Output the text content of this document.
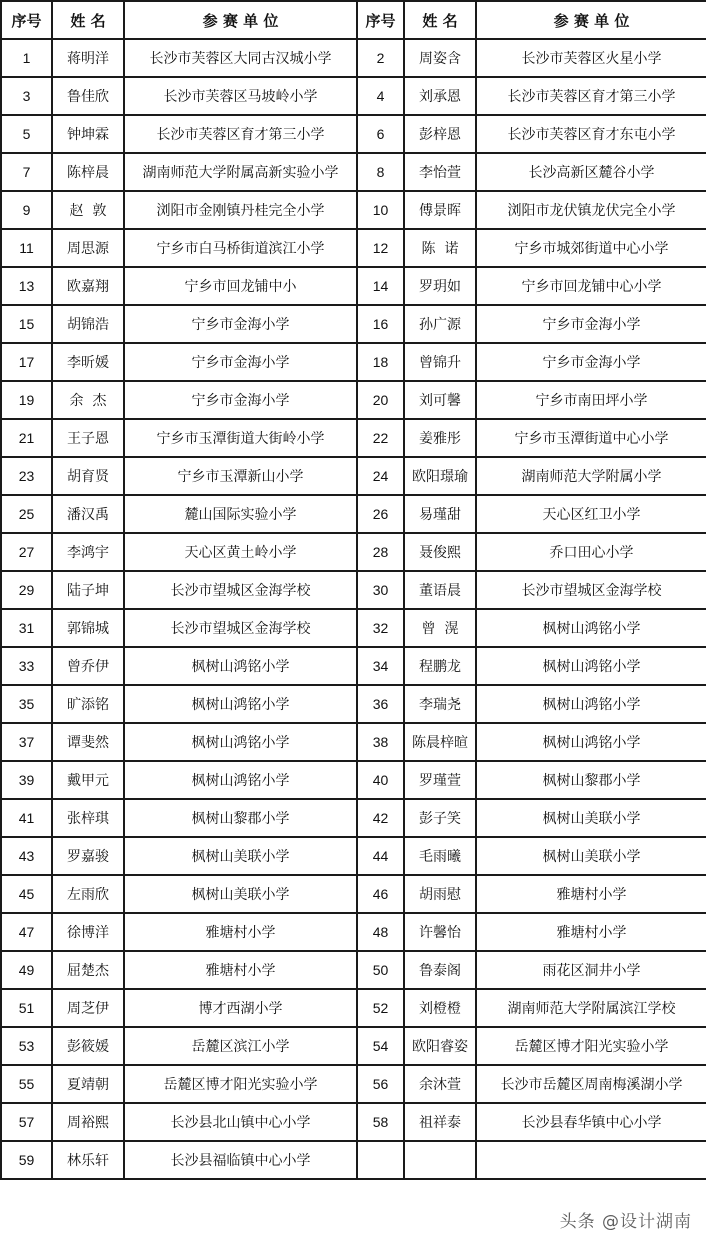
序号	姓 名	参 赛 单 位	序号	姓 名	参 赛 单 位
1	蒋明洋	长沙市芙蓉区大同古汉城小学	2	周姿含	长沙市芙蓉区火星小学
3	鲁佳欣	长沙市芙蓉区马坡岭小学	4	刘承恩	长沙市芙蓉区育才第三小学
5	钟坤霖	长沙市芙蓉区育才第三小学	6	彭梓恩	长沙市芙蓉区育才东屯小学
7	陈梓晨	湖南师范大学附属高新实验小学	8	李怡萱	长沙高新区麓谷小学
9	赵  敦	浏阳市金刚镇丹桂完全小学	10	傅景晖	浏阳市龙伏镇龙伏完全小学
11	周思源	宁乡市白马桥街道滨江小学	12	陈  诺	宁乡市城郊街道中心小学
13	欧嘉翔	宁乡市回龙铺中小	14	罗玥如	宁乡市回龙铺中心小学
15	胡锦浩	宁乡市金海小学	16	孙广源	宁乡市金海小学
17	李昕媛	宁乡市金海小学	18	曾锦升	宁乡市金海小学
19	余  杰	宁乡市金海小学	20	刘可馨	宁乡市南田坪小学
21	王子恩	宁乡市玉潭街道大街岭小学	22	姜雅彤	宁乡市玉潭街道中心小学
23	胡育贤	宁乡市玉潭新山小学	24	欧阳璟瑜	湖南师范大学附属小学
25	潘汉禹	麓山国际实验小学	26	易瑾甜	天心区红卫小学
27	李鸿宇	天心区黄土岭小学	28	聂俊熙	乔口田心小学
29	陆子坤	长沙市望城区金海学校	30	董语晨	长沙市望城区金海学校
31	郭锦城	长沙市望城区金海学校	32	曾  滉	枫树山鸿铭小学
33	曾乔伊	枫树山鸿铭小学	34	程鹏龙	枫树山鸿铭小学
35	旷添铭	枫树山鸿铭小学	36	李瑞尧	枫树山鸿铭小学
37	谭斐然	枫树山鸿铭小学	38	陈晨梓暄	枫树山鸿铭小学
39	戴甲元	枫树山鸿铭小学	40	罗瑾萱	枫树山黎郡小学
41	张梓琪	枫树山黎郡小学	42	彭子笑	枫树山美联小学
43	罗嘉骏	枫树山美联小学	44	毛雨曦	枫树山美联小学
45	左雨欣	枫树山美联小学	46	胡雨慰	雅塘村小学
47	徐博洋	雅塘村小学	48	许馨怡	雅塘村小学
49	屈楚杰	雅塘村小学	50	鲁泰阁	雨花区洞井小学
51	周芝伊	博才西湖小学	52	刘橙橙	湖南师范大学附属滨江学校
53	彭筱媛	岳麓区滨江小学	54	欧阳睿姿	岳麓区博才阳光实验小学
55	夏靖朝	岳麓区博才阳光实验小学	56	余沐萱	长沙市岳麓区周南梅溪湖小学
57	周裕熙	长沙县北山镇中心小学	58	祖祥泰	长沙县春华镇中心小学
59	林乐轩	长沙县福临镇中心小学			
头条 @设计湖南
